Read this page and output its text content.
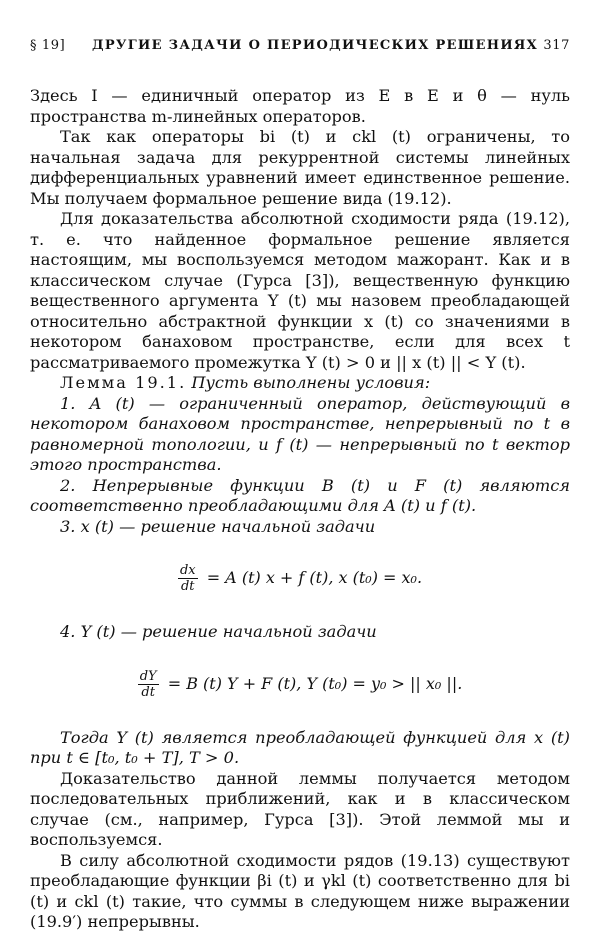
§ 19] ДРУГИЕ ЗАДАЧИ О ПЕРИОДИЧЕСКИХ РЕШЕНИЯХ 317

Здесь I — единичный оператор из E в E и θ — нуль пространства m-линейных операторов.

Так как операторы bi (t) и ckl (t) ограничены, то начальная задача для рекуррентной системы линейных дифференциальных уравнений имеет единственное решение. Мы получаем формальное решение вида (19.12).

Для доказательства абсолютной сходимости ряда (19.12), т. е. что найденное формальное решение является настоящим, мы воспользуемся методом мажорант. Как и в классическом случае (Гурса [3]), вещественную функцию вещественного аргумента Y (t) мы назовем преобладающей относительно абстрактной функции x (t) со значениями в некотором банаховом пространстве, если для всех t рассматриваемого промежутка Y (t) > 0 и || x (t) || < Y (t).

Лемма 19.1. Пусть выполнены условия:

1. A (t) — ограниченный оператор, действующий в некотором банаховом пространстве, непрерывный по t в равномерной топологии, и f (t) — непрерывный по t вектор этого пространства.

2. Непрерывные функции B (t) и F (t) являются соответственно преобладающими для A (t) и f (t).

3. x (t) — решение начальной задачи

$\frac{dx}{dt} = A$ (t) x + f (t), x (t₀) = x₀.

4. Y (t) — решение начальной задачи

$\frac{dY}{dt} = B$ (t) Y + F (t), Y (t₀) = y₀ > || x₀ ||.

Тогда Y (t) является преобладающей функцией для x (t) при t ∈ [t₀, t₀ + T], T > 0.

Доказательство данной леммы получается методом последовательных приближений, как и в классическом случае (см., например, Гурса [3]). Этой леммой мы и воспользуемся.

В силу абсолютной сходимости рядов (19.13) существуют преобладающие функции βi (t) и γkl (t) соответственно для bi (t) и ckl (t) такие, что суммы в следующем ниже выражении (19.9′) непрерывны.
